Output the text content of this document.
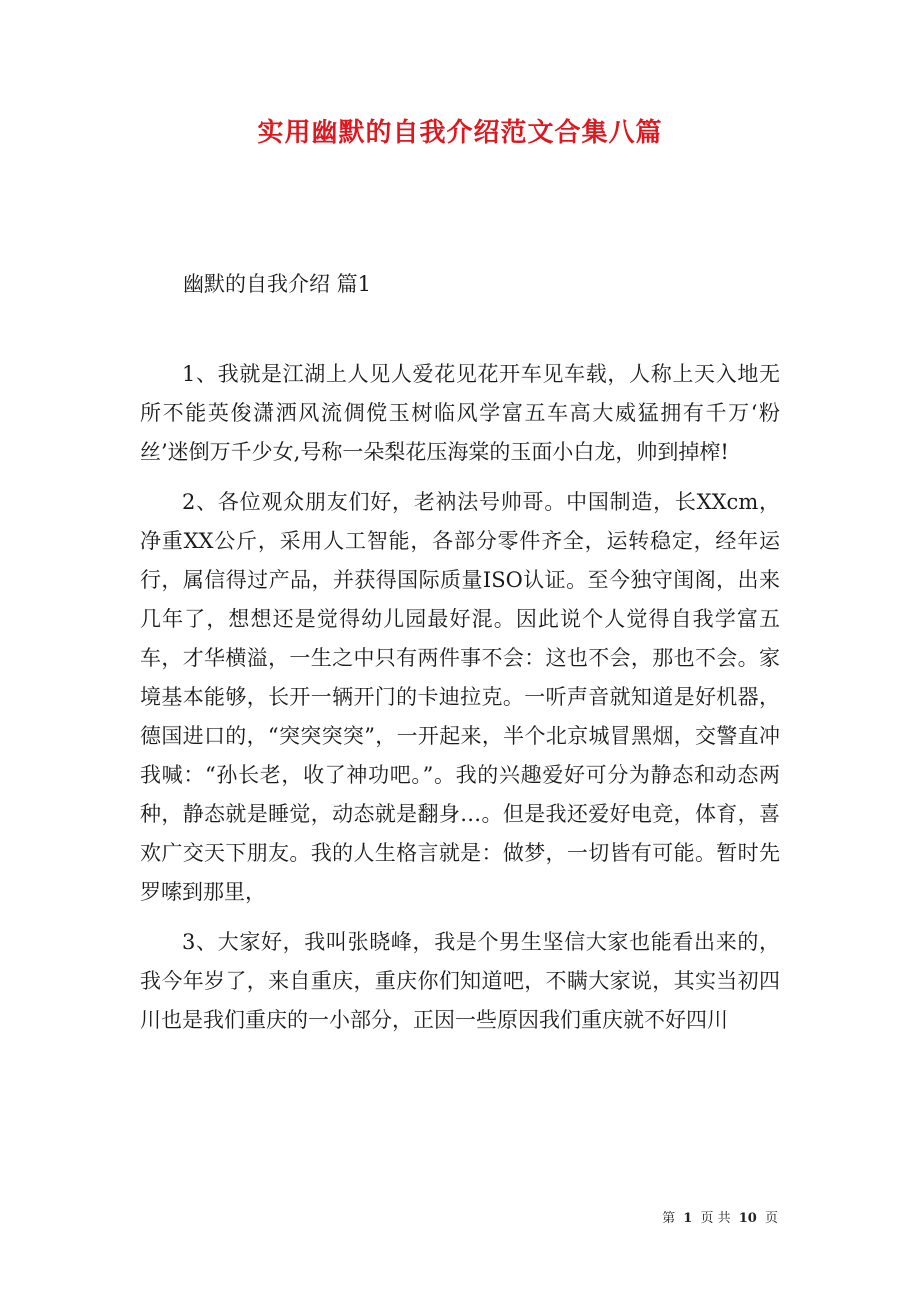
实用幽默的自我介绍范文合集八篇
幽默的自我介绍 篇1

1、我就是江湖上人见人爱花见花开车见车载，人称上天入地无所不能英俊潇洒风流倜傥玉树临风学富五车高大威猛拥有千万‘粉丝’迷倒万千少女,号称一朵梨花压海棠的玉面小白龙，帅到掉榨!

2、各位观众朋友们好，老衲法号帅哥。中国制造，长XXcm，净重XX公斤，采用人工智能，各部分零件齐全，运转稳定，经年运行，属信得过产品，并获得国际质量ISO认证。至今独守闺阁，出来几年了，想想还是觉得幼儿园最好混。因此说个人觉得自我学富五车，才华横溢，一生之中只有两件事不会：这也不会，那也不会。家境基本能够，长开一辆开门的卡迪拉克。一听声音就知道是好机器，德国进口的，“突突突突”，一开起来，半个北京城冒黑烟，交警直冲我喊：“孙长老，收了神功吧。”。我的兴趣爱好可分为静态和动态两种，静态就是睡觉，动态就是翻身…。但是我还爱好电竞，体育，喜欢广交天下朋友。我的人生格言就是：做梦，一切皆有可能。暂时先罗嗦到那里，

3、大家好，我叫张晓峰，我是个男生坚信大家也能看出来的，我今年岁了，来自重庆，重庆你们知道吧，不瞒大家说，其实当初四川也是我们重庆的一小部分，正因一些原因我们重庆就不好四川

第 1 页 共 10 页
